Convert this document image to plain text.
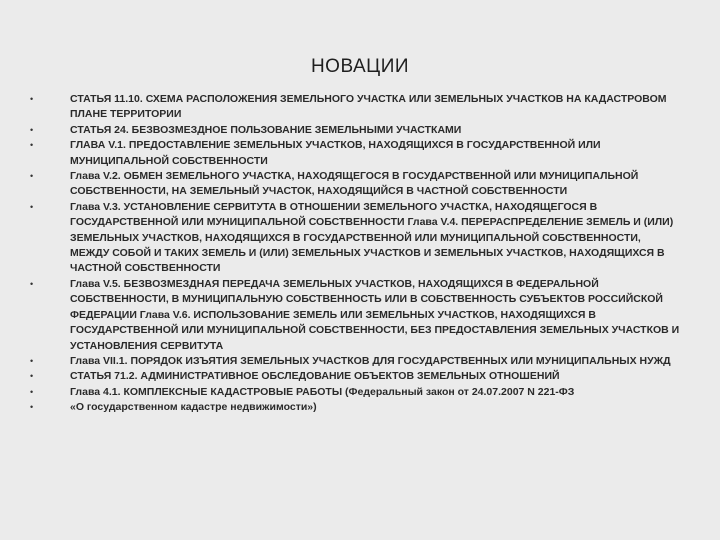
НОВАЦИИ
•	СТАТЬЯ 11.10. СХЕМА РАСПОЛОЖЕНИЯ ЗЕМЕЛЬНОГО УЧАСТКА ИЛИ ЗЕМЕЛЬНЫХ УЧАСТКОВ НА КАДАСТРОВОМ ПЛАНЕ ТЕРРИТОРИИ
•	СТАТЬЯ 24. БЕЗВОЗМЕЗДНОЕ ПОЛЬЗОВАНИЕ ЗЕМЕЛЬНЫМИ УЧАСТКАМИ
•	ГЛАВА V.1. ПРЕДОСТАВЛЕНИЕ ЗЕМЕЛЬНЫХ УЧАСТКОВ, НАХОДЯЩИХСЯ В ГОСУДАРСТВЕННОЙ ИЛИ МУНИЦИПАЛЬНОЙ СОБСТВЕННОСТИ
•	Глава V.2. ОБМЕН ЗЕМЕЛЬНОГО УЧАСТКА, НАХОДЯЩЕГОСЯ В ГОСУДАРСТВЕННОЙ ИЛИ МУНИЦИПАЛЬНОЙ СОБСТВЕННОСТИ, НА ЗЕМЕЛЬНЫЙ УЧАСТОК, НАХОДЯЩИЙСЯ В ЧАСТНОЙ СОБСТВЕННОСТИ
•	Глава V.3. УСТАНОВЛЕНИЕ СЕРВИТУТА В ОТНОШЕНИИ ЗЕМЕЛЬНОГО УЧАСТКА, НАХОДЯЩЕГОСЯ В ГОСУДАРСТВЕННОЙ ИЛИ МУНИЦИПАЛЬНОЙ СОБСТВЕННОСТИ Глава V.4. ПЕРЕРАСПРЕДЕЛЕНИЕ ЗЕМЕЛЬ И (ИЛИ) ЗЕМЕЛЬНЫХ УЧАСТКОВ, НАХОДЯЩИХСЯ В ГОСУДАРСТВЕННОЙ ИЛИ МУНИЦИПАЛЬНОЙ СОБСТВЕННОСТИ, МЕЖДУ СОБОЙ И ТАКИХ ЗЕМЕЛЬ И (ИЛИ) ЗЕМЕЛЬНЫХ УЧАСТКОВ И ЗЕМЕЛЬНЫХ УЧАСТКОВ, НАХОДЯЩИХСЯ В ЧАСТНОЙ СОБСТВЕННОСТИ
•	Глава V.5. БЕЗВОЗМЕЗДНАЯ ПЕРЕДАЧА ЗЕМЕЛЬНЫХ УЧАСТКОВ, НАХОДЯЩИХСЯ В ФЕДЕРАЛЬНОЙ СОБСТВЕННОСТИ, В МУНИЦИПАЛЬНУЮ СОБСТВЕННОСТЬ ИЛИ В СОБСТВЕННОСТЬ СУБЪЕКТОВ РОССИЙСКОЙ ФЕДЕРАЦИИ Глава V.6. ИСПОЛЬЗОВАНИЕ ЗЕМЕЛЬ ИЛИ ЗЕМЕЛЬНЫХ УЧАСТКОВ, НАХОДЯЩИХСЯ В ГОСУДАРСТВЕННОЙ ИЛИ МУНИЦИПАЛЬНОЙ СОБСТВЕННОСТИ, БЕЗ ПРЕДОСТАВЛЕНИЯ ЗЕМЕЛЬНЫХ УЧАСТКОВ И УСТАНОВЛЕНИЯ СЕРВИТУТА
•	Глава VII.1. ПОРЯДОК ИЗЪЯТИЯ ЗЕМЕЛЬНЫХ УЧАСТКОВ ДЛЯ ГОСУДАРСТВЕННЫХ ИЛИ МУНИЦИПАЛЬНЫХ НУЖД
•	СТАТЬЯ 71.2. АДМИНИСТРАТИВНОЕ ОБСЛЕДОВАНИЕ ОБЪЕКТОВ ЗЕМЕЛЬНЫХ ОТНОШЕНИЙ
•	Глава 4.1. КОМПЛЕКСНЫЕ КАДАСТРОВЫЕ РАБОТЫ (Федеральный закон от 24.07.2007 N 221-ФЗ
•	«О государственном кадастре недвижимости»)
